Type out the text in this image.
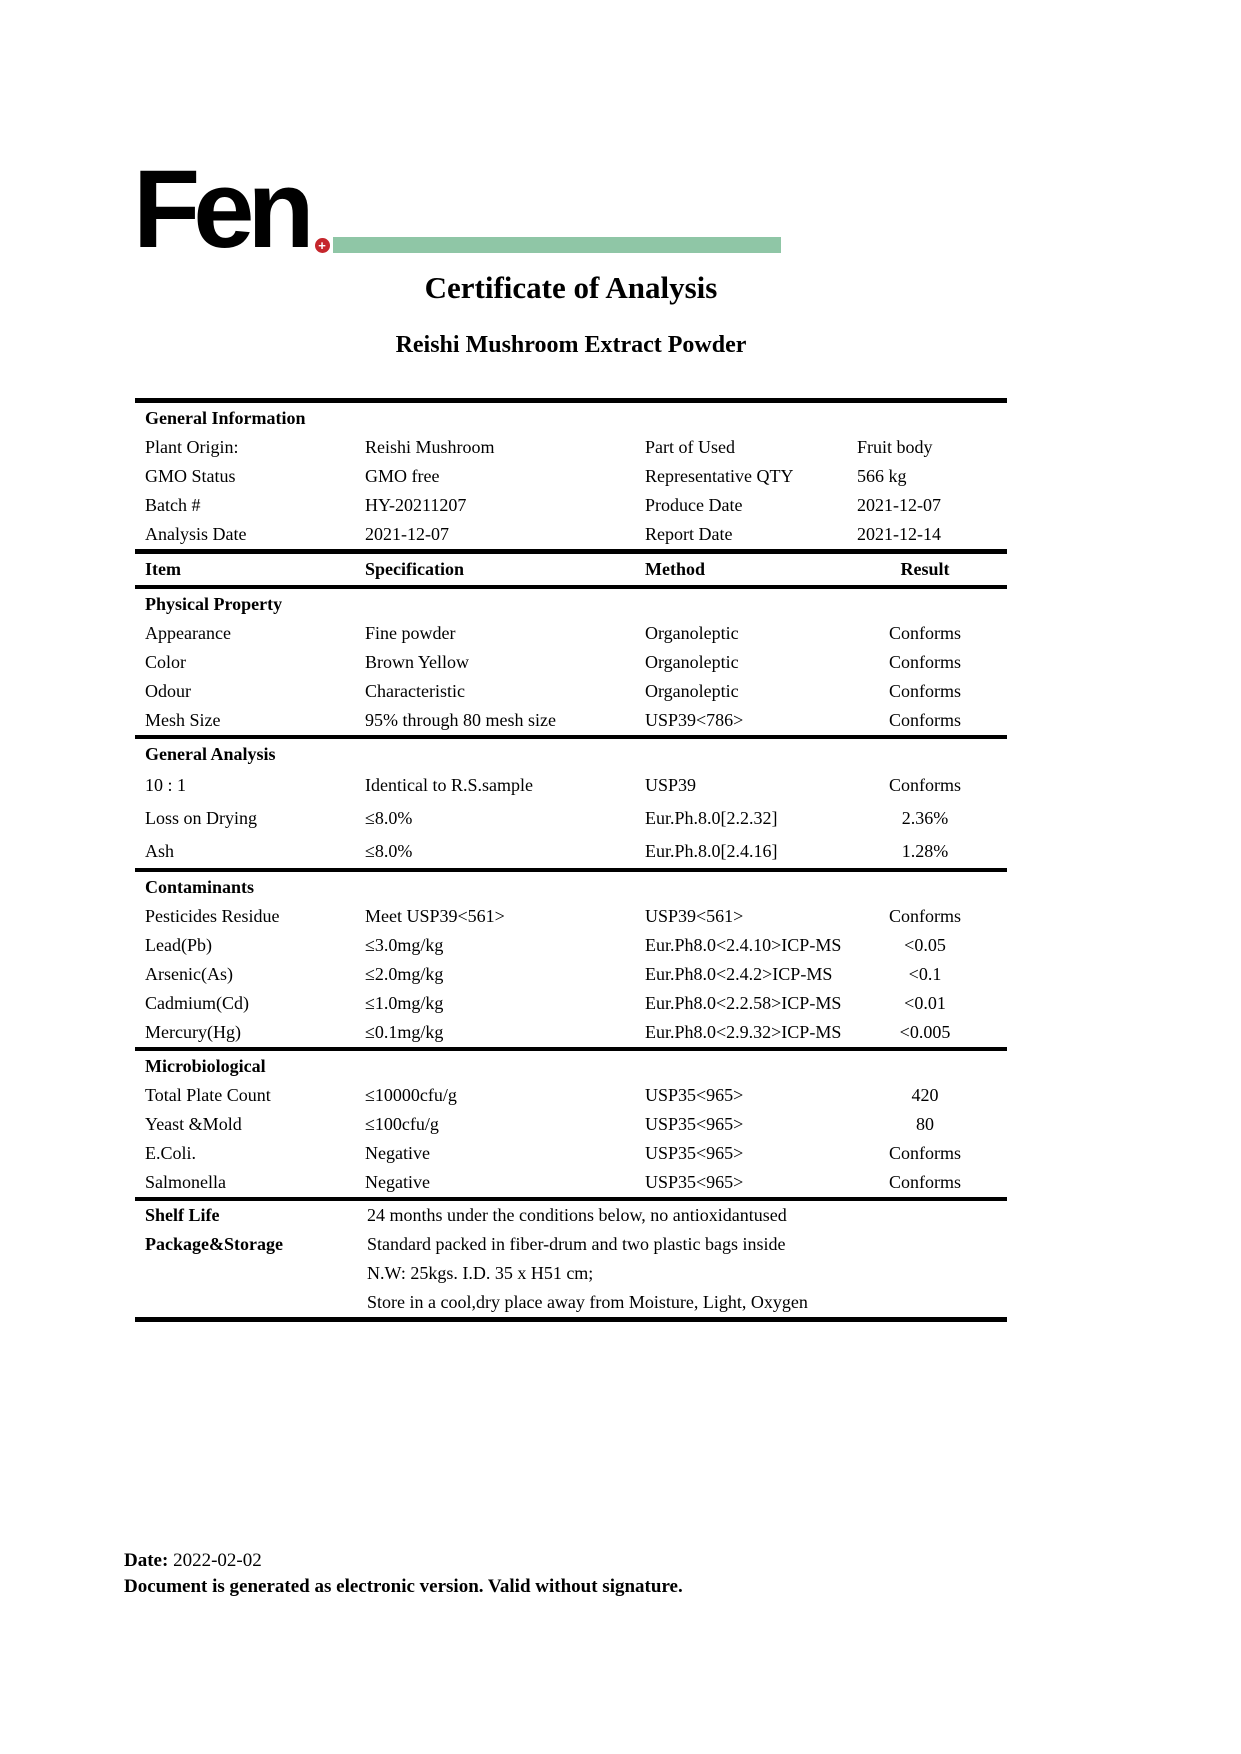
Fen +
Certificate of Analysis
Reishi Mushroom Extract Powder
General Information
Plant Origin:	Reishi Mushroom	Part of Used	Fruit body
GMO Status	GMO free	Representative QTY	566 kg
Batch #	HY-20211207	Produce Date	2021-12-07
Analysis Date	2021-12-07	Report Date	2021-12-14
Item	Specification	Method	Result
Physical Property
Appearance	Fine powder	Organoleptic	Conforms
Color	Brown Yellow	Organoleptic	Conforms
Odour	Characteristic	Organoleptic	Conforms
Mesh Size	95% through 80 mesh size	USP39<786>	Conforms
General Analysis
10 : 1	Identical to R.S.sample	USP39	Conforms
Loss on Drying	≤8.0%	Eur.Ph.8.0[2.2.32]	2.36%
Ash	≤8.0%	Eur.Ph.8.0[2.4.16]	1.28%
Contaminants
Pesticides Residue	Meet USP39<561>	USP39<561>	Conforms
Lead(Pb)	≤3.0mg/kg	Eur.Ph8.0<2.4.10>ICP-MS	<0.05
Arsenic(As)	≤2.0mg/kg	Eur.Ph8.0<2.4.2>ICP-MS	<0.1
Cadmium(Cd)	≤1.0mg/kg	Eur.Ph8.0<2.2.58>ICP-MS	<0.01
Mercury(Hg)	≤0.1mg/kg	Eur.Ph8.0<2.9.32>ICP-MS	<0.005
Microbiological
Total Plate Count	≤10000cfu/g	USP35<965>	420
Yeast &Mold	≤100cfu/g	USP35<965>	80
E.Coli.	Negative	USP35<965>	Conforms
Salmonella	Negative	USP35<965>	Conforms
Shelf Life	24 months under the conditions below, no antioxidantused
Package&Storage	Standard packed in fiber-drum and two plastic bags inside
N.W: 25kgs. I.D. 35 x H51 cm;
Store in a cool,dry place away from Moisture, Light, Oxygen
Date: 2022-02-02
Document is generated as electronic version. Valid without signature.
